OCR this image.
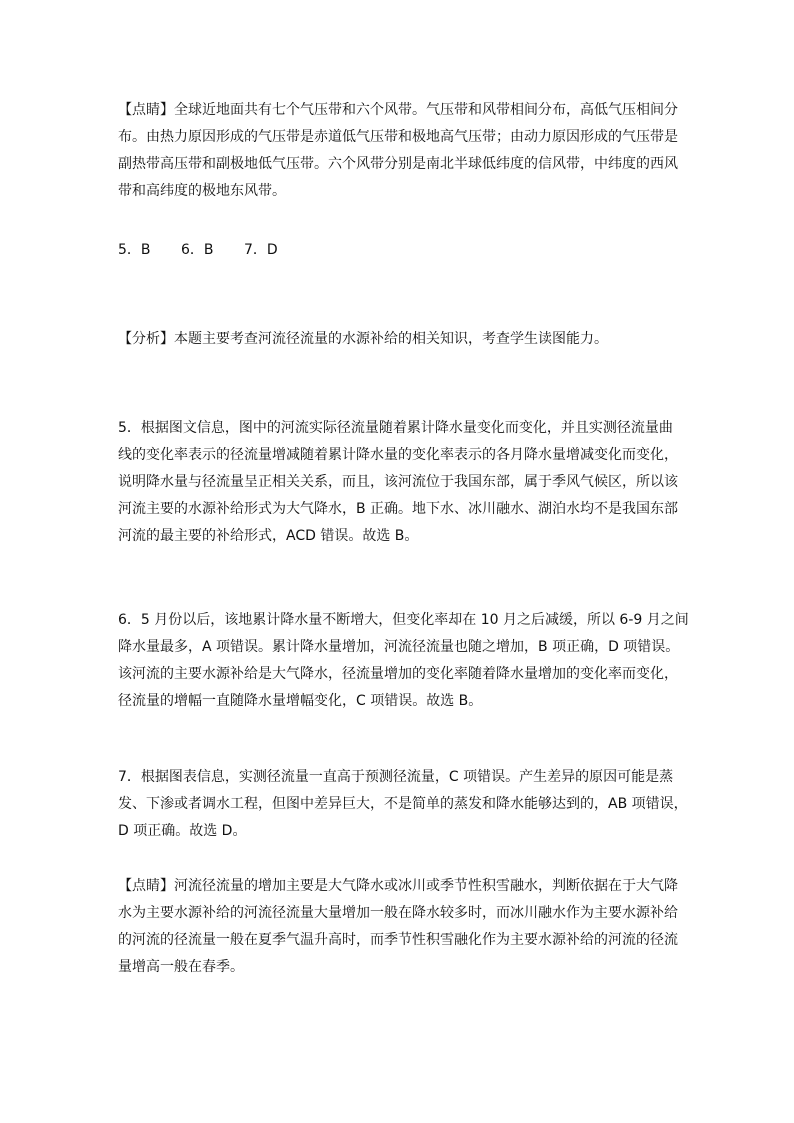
【点睛】全球近地面共有七个气压带和六个风带。气压带和风带相间分布，高低气压相间分
布。由热力原因形成的气压带是赤道低气压带和极地高气压带；由动力原因形成的气压带是
副热带高压带和副极地低气压带。六个风带分别是南北半球低纬度的信风带，中纬度的西风
带和高纬度的极地东风带。
5．B 6．B 7．D
【分析】本题主要考查河流径流量的水源补给的相关知识，考查学生读图能力。
5．根据图文信息，图中的河流实际径流量随着累计降水量变化而变化，并且实测径流量曲
线的变化率表示的径流量增减随着累计降水量的变化率表示的各月降水量增减变化而变化，
说明降水量与径流量呈正相关关系，而且，该河流位于我国东部，属于季风气候区，所以该
河流主要的水源补给形式为大气降水，B 正确。地下水、冰川融水、湖泊水均不是我国东部
河流的最主要的补给形式，ACD 错误。故选 B。
6．5 月份以后，该地累计降水量不断增大，但变化率却在 10 月之后减缓，所以 6-9 月之间
降水量最多，A 项错误。累计降水量增加，河流径流量也随之增加，B 项正确，D 项错误。
该河流的主要水源补给是大气降水，径流量增加的变化率随着降水量增加的变化率而变化，
径流量的增幅一直随降水量增幅变化，C 项错误。故选 B。
7．根据图表信息，实测径流量一直高于预测径流量，C 项错误。产生差异的原因可能是蒸
发、下渗或者调水工程，但图中差异巨大，不是简单的蒸发和降水能够达到的，AB 项错误，
D 项正确。故选 D。
【点睛】河流径流量的增加主要是大气降水或冰川或季节性积雪融水，判断依据在于大气降
水为主要水源补给的河流径流量大量增加一般在降水较多时，而冰川融水作为主要水源补给
的河流的径流量一般在夏季气温升高时，而季节性积雪融化作为主要水源补给的河流的径流
量增高一般在春季。
